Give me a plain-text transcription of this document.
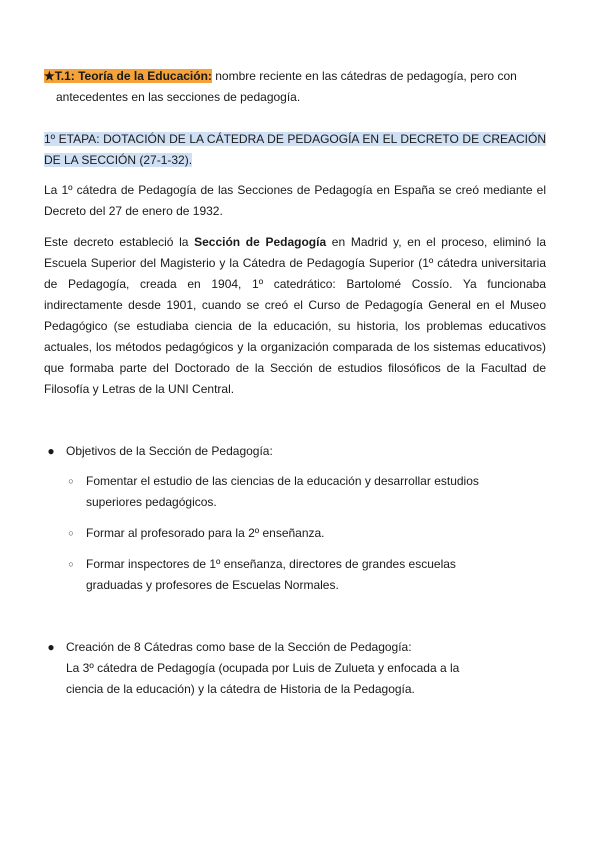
★T.1: Teoría de la Educación: nombre reciente en las cátedras de pedagogía, pero con antecedentes en las secciones de pedagogía.
1º ETAPA: DOTACIÓN DE LA CÁTEDRA DE PEDAGOGÍA EN EL DECRETO DE CREACIÓN DE LA SECCIÓN (27-1-32).
La 1º cátedra de Pedagogía de las Secciones de Pedagogía en España se creó mediante el Decreto del 27 de enero de 1932.
Este decreto estableció la Sección de Pedagogía en Madrid y, en el proceso, eliminó la Escuela Superior del Magisterio y la Cátedra de Pedagogía Superior (1º cátedra universitaria de Pedagogía, creada en 1904, 1º catedrático: Bartolomé Cossío. Ya funcionaba indirectamente desde 1901, cuando se creó el Curso de Pedagogía General en el Museo Pedagógico (se estudiaba ciencia de la educación, su historia, los problemas educativos actuales, los métodos pedagógicos y la organización comparada de los sistemas educativos) que formaba parte del Doctorado de la Sección de estudios filosóficos de la Facultad de Filosofía y Letras de la UNI Central.
● Objetivos de la Sección de Pedagogía:
○ Fomentar el estudio de las ciencias de la educación y desarrollar estudios superiores pedagógicos.
○ Formar al profesorado para la 2º enseñanza.
○ Formar inspectores de 1º enseñanza, directores de grandes escuelas graduadas y profesores de Escuelas Normales.
● Creación de 8 Cátedras como base de la Sección de Pedagogía:
La 3º cátedra de Pedagogía (ocupada por Luis de Zulueta y enfocada a la ciencia de la educación) y la cátedra de Historia de la Pedagogía.
